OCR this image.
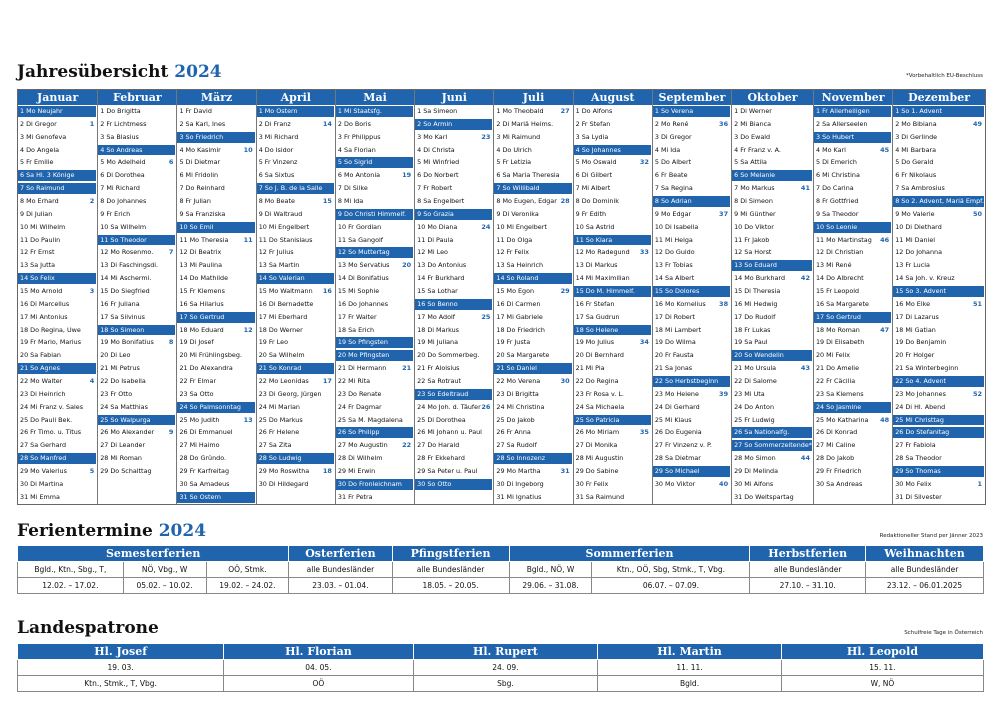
Jahresübersicht 2024	*Vorbehaltlich EU-Beschluss
Januar
1 Mo Neujahr
2 Di Gregor	1
3 Mi Genofeva
4 Do Angela
5 Fr Emilie
6 Sa Hl. 3 Könige
7 So Raimund
8 Mo Erhard	2
9 Di Julian
10 Mi Wilhelm
11 Do Paulin
12 Fr Ernst
13 Sa Jutta
14 So Felix
15 Mo Arnold	3
16 Di Marcellus
17 Mi Antonius
18 Do Regina, Uwe
19 Fr Mario, Marius
20 Sa Fabian
21 So Agnes
22 Mo Walter	4
23 Di Heinrich
24 Mi Franz v. Sales
25 Do Pauli Bek.
26 Fr Timo. u. Titus
27 Sa Gerhard
28 So Manfred
29 Mo Valerius	5
30 Di Martina
31 Mi Emma
Februar
1 Do Brigitta
2 Fr Lichtmess
3 Sa Blasius
4 So Andreas
5 Mo Adelheid	6
6 Di Dorothea
7 Mi Richard
8 Do Johannes
9 Fr Erich
10 Sa Wilhelm
11 So Theodor
12 Mo Rosenmo. 7
13 Di Faschingsdi.
14 Mi Aschermi.
15 Do Siegfried
16 Fr Juliana
17 Sa Silvinus
18 So Simeon
19 Mo Bonifatius 8
20 Di Leo
21 Mi Petrus
22 Do Isabella
23 Fr Otto
24 Sa Matthias
25 So Walpurga
26 Mo Alexander 9
27 Di Leander
28 Mi Roman
29 Do Schalttag
März
1 Fr David
2 Sa Karl, Ines
3 So Friedrich
4 Mo Kasimir	10
5 Di Dietmar
6 Mi Fridolin
7 Do Reinhard
8 Fr Julian
9 Sa Franziska
10 So Emil
11 Mo Theresia 11
12 Di Beatrix
13 Mi Paulina
14 Do Mathilde
15 Fr Klemens
16 Sa Hilarius
17 So Gertrud
18 Mo Eduard	12
19 Di Josef
20 Mi Frühlingsbeg.
21 Do Alexandra
22 Fr Elmar
23 Sa Otto
24 So Palmsonntag
25 Mo Judith	13
26 Di Emmanuel
27 Mi Haimo
28 Do Gründo.
29 Fr Karfreitag
30 Sa Amadeus
31 So Ostern
April
1 Mo Ostern
2 Di Franz	14
3 Mi Richard
4 Do Isidor
5 Fr Vinzenz
6 Sa Sixtus
7 So J. B. de la Salle
8 Mo Beate	15
9 Di Waltraud
10 Mi Engelbert
11 Do Stanislaus
12 Fr Julius
13 Sa Martin
14 So Valerian
15 Mo Waltmann 16
16 Di Bernadette
17 Mi Eberhard
18 Do Werner
19 Fr Leo
20 Sa Wilhelm
21 So Konrad
22 Mo Leonidas 17
23 Di Georg, Jürgen
24 Mi Marian
25 Do Markus
26 Fr Helene
27 Sa Zita
28 So Ludwig
29 Mo Roswitha 18
30 Di Hildegard
Mai
1 Mi Staatsfg.
2 Do Boris
3 Fr Philippus
4 Sa Florian
5 So Sigrid
6 Mo Antonia	19
7 Di Silke
8 Mi Ida
9 Do Christi Himmelf.
10 Fr Gordian
11 Sa Gangolf
12 So Muttertag
13 Mo Servatius 20
14 Di Bonifatius
15 Mi Sophie
16 Do Johannes
17 Fr Walter
18 Sa Erich
19 So Pfingsten
20 Mo Pfingsten
21 Di Hermann 21
22 Mi Rita
23 Do Renate
24 Fr Dagmar
25 Sa M. Magdalena
26 So Philipp
27 Mo Augustin 22
28 Di Wilhelm
29 Mi Erwin
30 Do Fronleichnam
31 Fr Petra
Juni
1 Sa Simeon
2 So Armin
3 Mo Karl	23
4 Di Christa
5 Mi Winfried
6 Do Norbert
7 Fr Robert
8 Sa Engelbert
9 So Grazia
10 Mo Diana	24
11 Di Paula
12 Mi Leo
13 Do Antonius
14 Fr Burkhard
15 Sa Lothar
16 So Benno
17 Mo Adolf	25
18 Di Markus
19 Mi Juliana
20 Do Sommerbeg.
21 Fr Aloisius
22 Sa Rotraut
23 So Edeltraud
24 Mo Joh. d. Täufer 26
25 Di Dorothea
26 Mi Johann u. Paul
27 Do Harald
28 Fr Ekkehard
29 Sa Peter u. Paul
30 So Otto
Juli
1 Mo Theobald	27
2 Di Mariä Heims.
3 Mi Raimund
4 Do Ulrich
5 Fr Letizia
6 Sa Maria Theresia
7 So Willibald
8 Mo Eugen, Edgar 28
9 Di Veronika
10 Mi Engelbert
11 Do Olga
12 Fr Felix
13 Sa Heinrich
14 So Roland
15 Mo Egon	29
16 Di Carmen
17 Mi Gabriele
18 Do Friedrich
19 Fr Justa
20 Sa Margarete
21 So Daniel
22 Mo Verena	30
23 Di Brigitta
24 Mi Christina
25 Do Jakob
26 Fr Anna
27 Sa Rudolf
28 So Innozenz
29 Mo Martha	31
30 Di Ingeborg
31 Mi Ignatius
August
1 Do Alfons
2 Fr Stefan
3 Sa Lydia
4 So Johannes
5 Mo Oswald	32
6 Di Gilbert
7 Mi Albert
8 Do Dominik
9 Fr Edith
10 Sa Astrid
11 So Klara
12 Mo Radegund 33
13 Di Markus
14 Mi Maximilian
15 Do M. Himmelf.
16 Fr Stefan
17 Sa Gudrun
18 So Helene
19 Mo Julius	34
20 Di Bernhard
21 Mi Pia
22 Do Regina
23 Fr Rosa v. L.
24 Sa Michaela
25 So Patricia
26 Mo Miriam	35
27 Di Monika
28 Mi Augustin
29 Do Sabine
30 Fr Felix
31 Sa Raimund
September
1 So Verena
2 Mo René	36
3 Di Gregor
4 Mi Ida
5 Do Albert
6 Fr Beate
7 Sa Regina
8 So Adrian
9 Mo Edgar	37
10 Di Isabella
11 Mi Helga
12 Do Guido
13 Fr Tobias
14 Sa Albert
15 So Dolores
16 Mo Kornelius 38
17 Di Robert
18 Mi Lambert
19 Do Wilma
20 Fr Fausta
21 Sa Jonas
22 So Herbstbeginn
23 Mo Helene	39
24 Di Gerhard
25 Mi Klaus
26 Do Eugenia
27 Fr Vinzenz v. P.
28 Sa Dietmar
29 So Michael
30 Mo Viktor	40
Oktober
1 Di Werner
2 Mi Bianca
3 Do Ewald
4 Fr Franz v. A.
5 Sa Attila
6 So Melanie
7 Mo Markus	41
8 Di Simeon
9 Mi Günther
10 Do Viktor
11 Fr Jakob
12 Sa Horst
13 So Eduard
14 Mo Burkhard 42
15 Di Theresia
16 Mi Hedwig
17 Do Rudolf
18 Fr Lukas
19 Sa Paul
20 So Wendelin
21 Mo Ursula	43
22 Di Salome
23 Mi Uta
24 Do Anton
25 Fr Ludwig
26 Sa Nationalfg.
27 So Sommerzeitende*
28 Mo Simon	44
29 Di Melinda
30 Mi Alfons
31 Do Weltspartag
November
1 Fr Allerheiligen
2 Sa Allerseelen
3 So Hubert
4 Mo Karl	45
5 Di Emerich
6 Mi Christina
7 Do Carina
8 Fr Gottfried
9 Sa Theodor
10 So Leonie
11 Mo Martinstag 46
12 Di Christian
13 Mi René
14 Do Albrecht
15 Fr Leopold
16 Sa Margarete
17 So Gertrud
18 Mo Roman	47
19 Di Elisabeth
20 Mi Felix
21 Do Amelie
22 Fr Cäcilia
23 Sa Klemens
24 So Jasmine
25 Mo Katharina 48
26 Di Konrad
27 Mi Caline
28 Do Jakob
29 Fr Friedrich
30 Sa Andreas
Dezember
1 So 1. Advent
2 Mo Bibiana	49
3 Di Gerlinde
4 Mi Barbara
5 Do Gerald
6 Fr Nikolaus
7 Sa Ambrosius
8 So 2. Advent, Mariä Empf.
9 Mo Valerie	50
10 Di Diethard
11 Mi Daniel
12 Do Johanna
13 Fr Lucia
14 Sa Joh. v. Kreuz
15 So 3. Advent
16 Mo Elke	51
17 Di Lazarus
18 Mi Gatian
19 Do Benjamin
20 Fr Holger
21 Sa Winterbeginn
22 So 4. Advent
23 Mo Johannes	52
24 Di Hl. Abend
25 Mi Christtag
26 Do Stefanitag
27 Fr Fabiola
28 Sa Theodor
29 So Thomas
30 Mo Felix	1
31 Di Silvester
Ferientermine 2024	Redaktioneller Stand per Jänner 2023
Semesterferien			Osterferien	Pfingstferien	Sommerferien		Herbstferien	Weihnachten
Bgld., Ktn., Sbg., T,	NÖ, Vbg., W	OÖ, Stmk.	alle Bundesländer	alle Bundesländer	Bgld., NÖ, W	Ktn., OÖ, Sbg, Stmk., T, Vbg.	alle Bundesländer	alle Bundesländer
12.02. – 17.02.	05.02. – 10.02.	19.02. – 24.02.	23.03. – 01.04.	18.05. – 20.05.	29.06. – 31.08.	06.07. – 07.09.	27.10. – 31.10.	23.12. – 06.01.2025
Landespatrone	Schulfreie Tage in Österreich
Hl. Josef	Hl. Florian	Hl. Rupert	Hl. Martin	Hl. Leopold
19. 03.	04. 05.	24. 09.	11. 11.	15. 11.
Ktn., Stmk., T, Vbg.	OÖ	Sbg.	Bgld.	W, NÖ
